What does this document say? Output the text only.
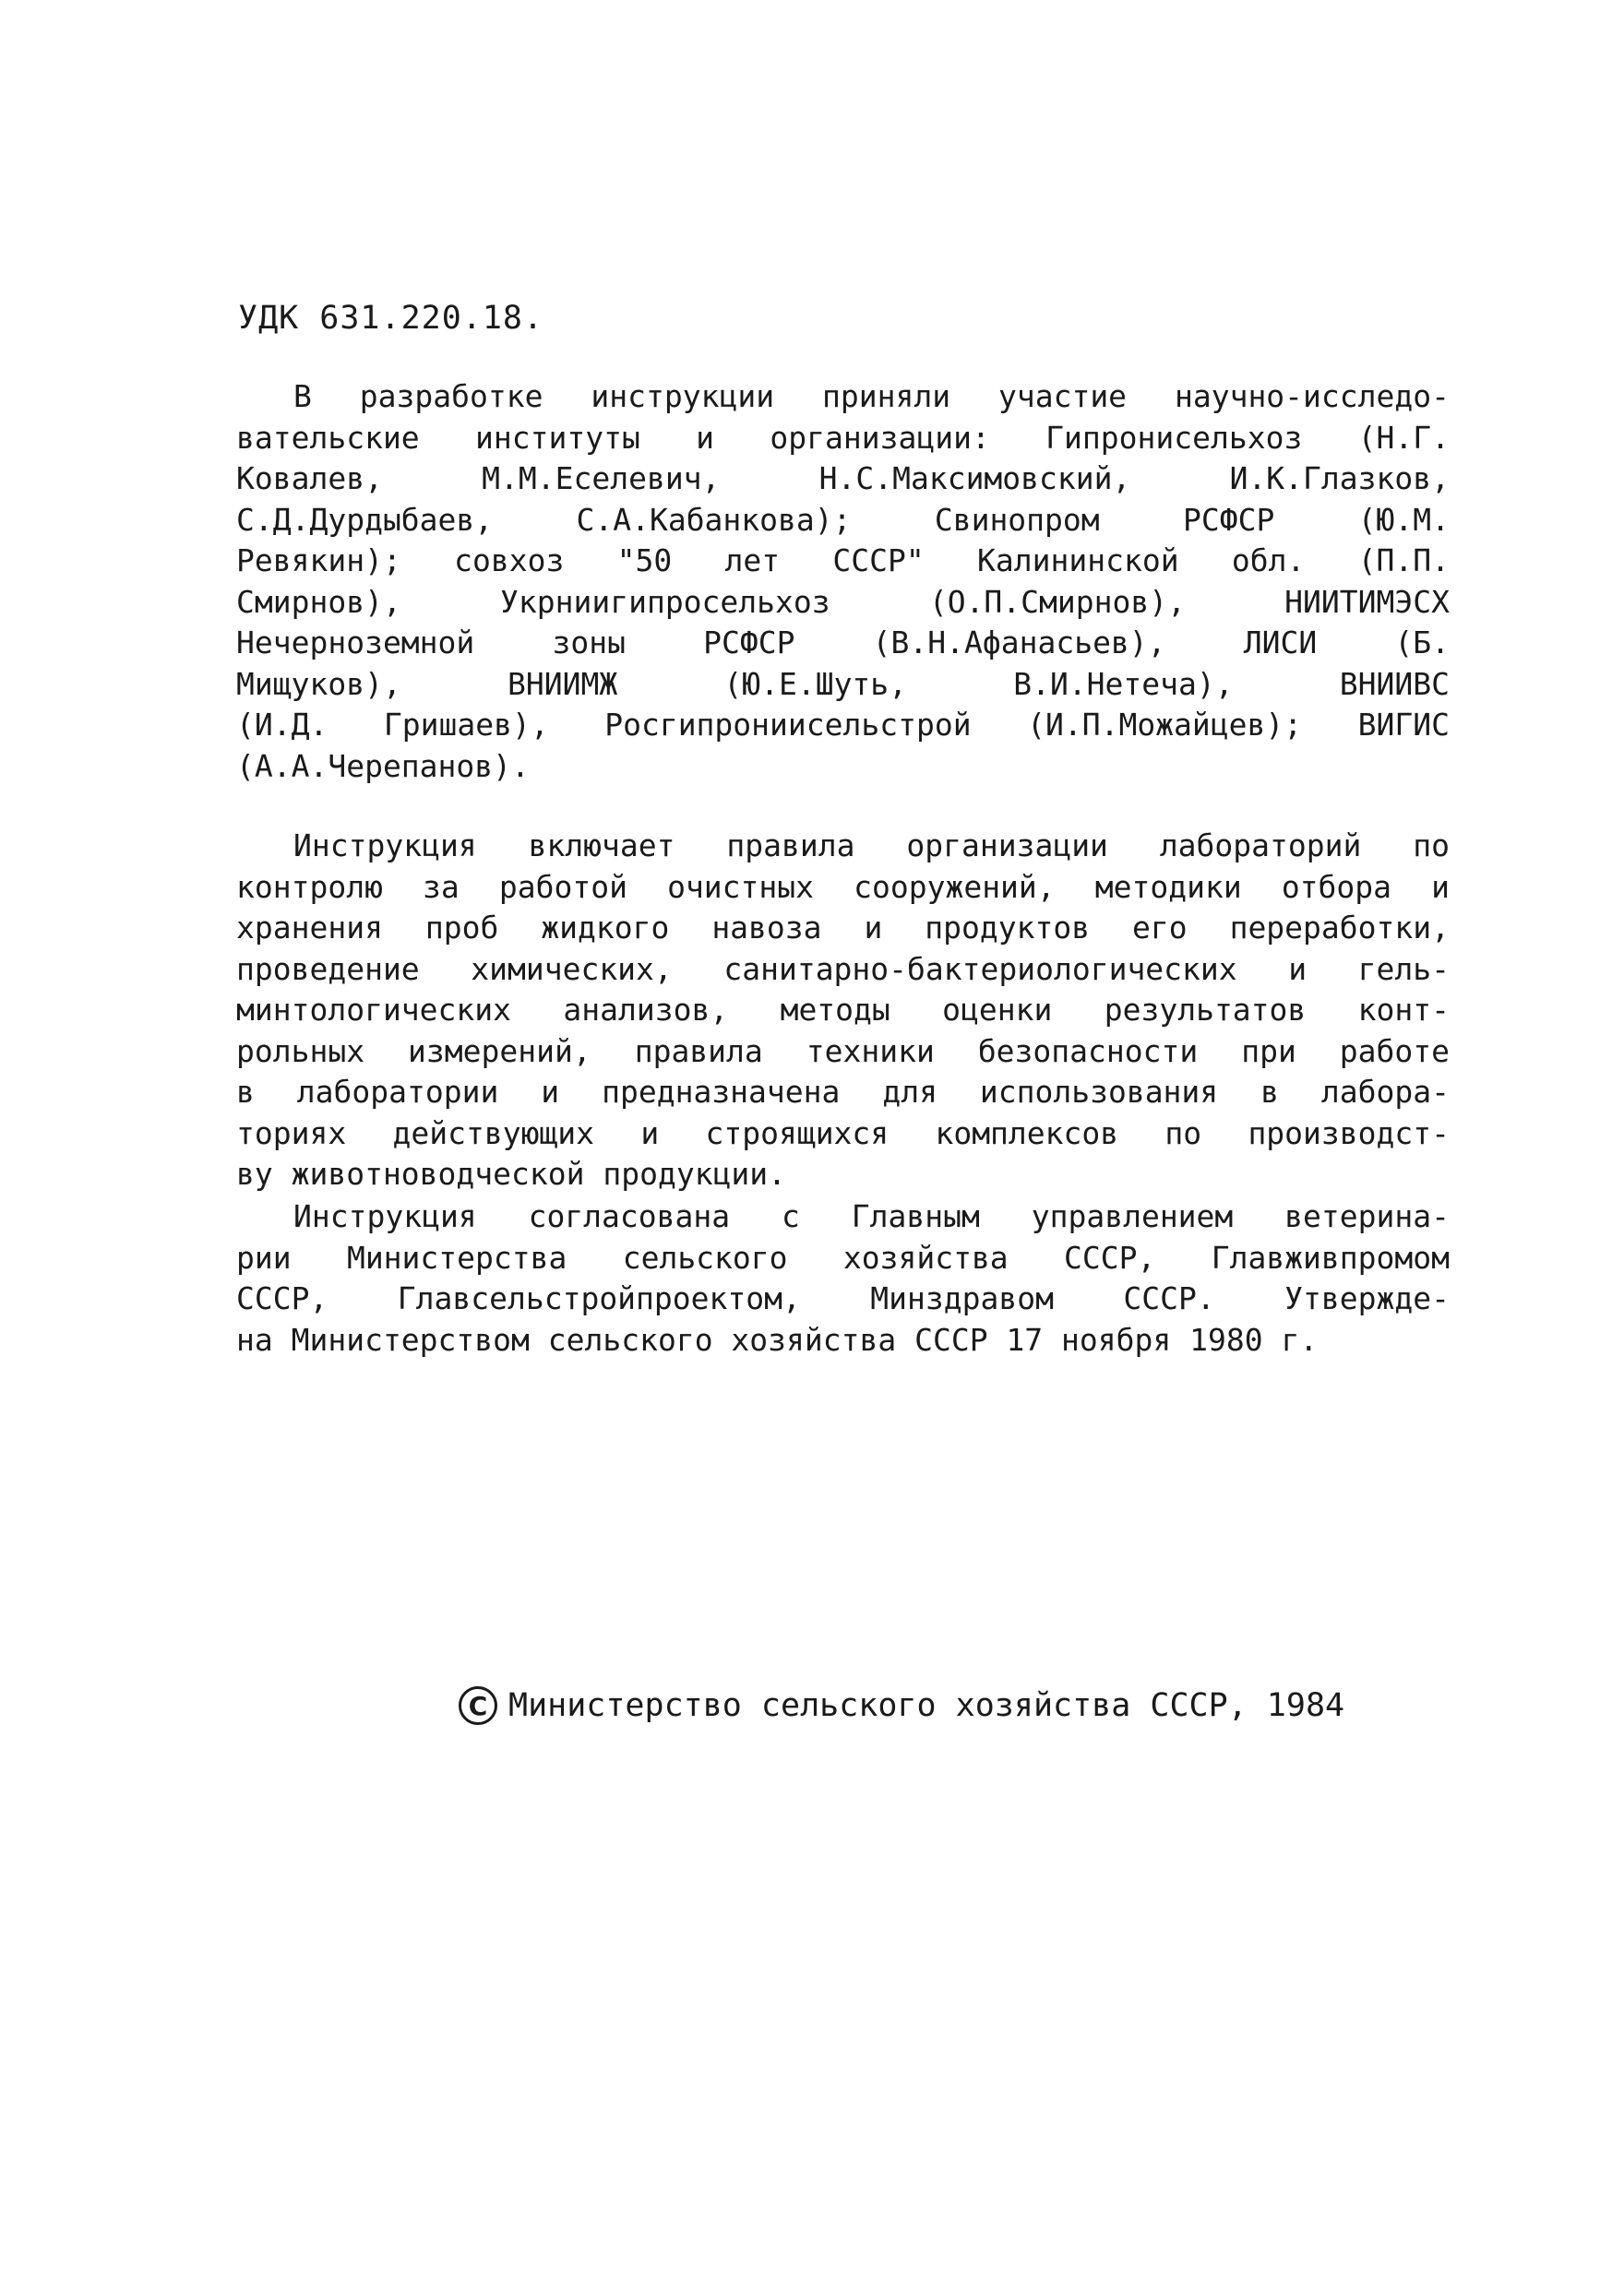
УДК 631.220.18.
В разработке инструкции приняли участие научно-исследо-
вательские институты и организации: Гипронисельхоз (Н.Г.
Ковалев, М.М.Еселевич, Н.С.Максимовский, И.К.Глазков,
С.Д.Дурдыбаев, С.А.Кабанкова); Свинопром РСФСР (Ю.М.
Ревякин); совхоз "50 лет СССР" Калининской обл. (П.П.
Смирнов), Укрниигипросельхоз (О.П.Смирнов), НИИТИМЭСХ
Нечерноземной зоны РСФСР (В.Н.Афанасьев), ЛИСИ (Б.
Мищуков), ВНИИМЖ (Ю.Е.Шуть, В.И.Нетеча), ВНИИВС
(И.Д. Гришаев), Росгипрониисельстрой (И.П.Можайцев); ВИГИС
(А.А.Черепанов).
Инструкция включает правила организации лабораторий по
контролю за работой очистных сооружений, методики отбора и
хранения проб жидкого навоза и продуктов его переработки,
проведение химических, санитарно-бактериологических и гель-
минтологических анализов, методы оценки результатов конт-
рольных измерений, правила техники безопасности при работе
в лаборатории и предназначена для использования в лабора-
ториях действующих и строящихся комплексов по производст-
ву животноводческой продукции.
Инструкция согласована с Главным управлением ветерина-
рии Министерства сельского хозяйства СССР, Главживпромом
СССР, Главсельстройпроектом, Минздравом СССР. Утвержде-
на Министерством сельского хозяйства СССР 17 ноября 1980 г.
C Министерство сельского хозяйства СССР, 1984
